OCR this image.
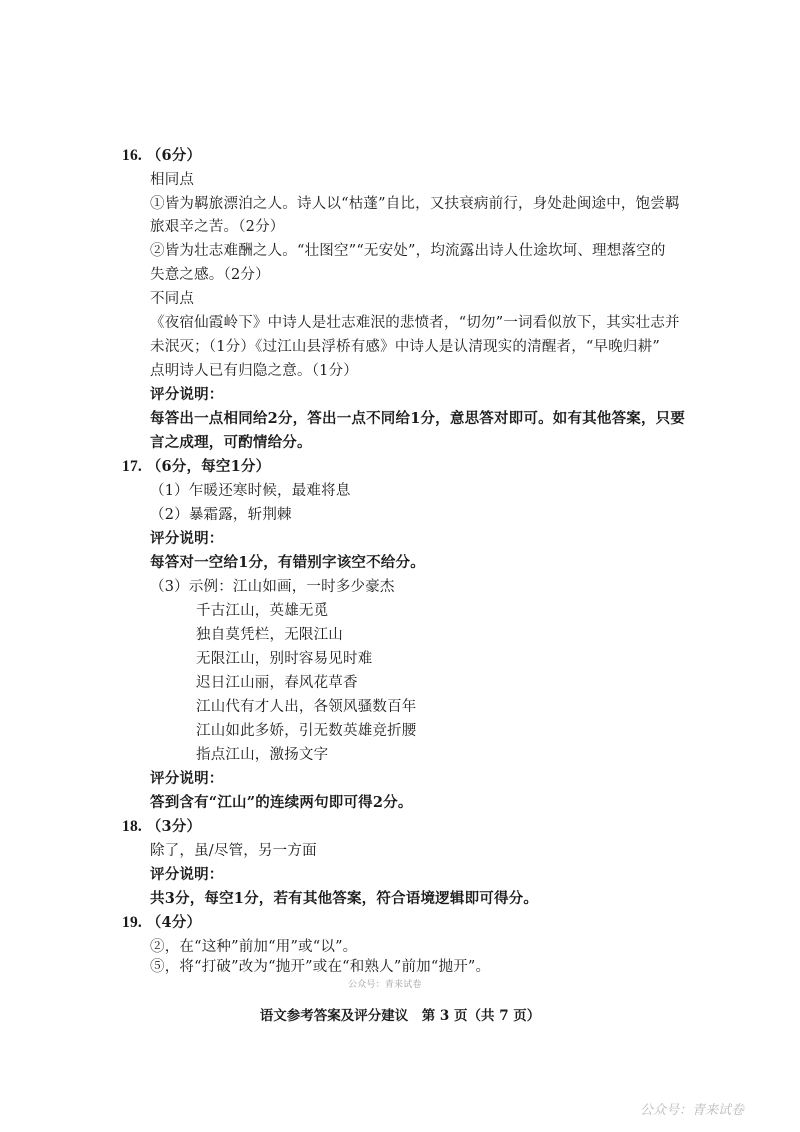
16. （6分）
相同点
①皆为羁旅漂泊之人。诗人以“枯蓬”自比，又扶衰病前行，身处赴闽途中，饱尝羁
旅艰辛之苦。（2分）
②皆为壮志难酬之人。“壮图空”“无安处”，均流露出诗人仕途坎坷、理想落空的
失意之感。（2分）
不同点
《夜宿仙霞岭下》中诗人是壮志难泯的悲愤者，“切勿”一词看似放下，其实壮志并
未泯灭；（1分）《过江山县浮桥有感》中诗人是认清现实的清醒者，“早晚归耕”
点明诗人已有归隐之意。（1分）
评分说明：
每答出一点相同给2分，答出一点不同给1分，意思答对即可。如有其他答案，只要
言之成理，可酌情给分。
17. （6分，每空1分）
（1）乍暖还寒时候，最难将息
（2）暴霜露，斩荆棘
评分说明：
每答对一空给1分，有错别字该空不给分。
（3）示例：江山如画，一时多少豪杰
千古江山，英雄无觅
独自莫凭栏，无限江山
无限江山，别时容易见时难
迟日江山丽，春风花草香
江山代有才人出，各领风骚数百年
江山如此多娇，引无数英雄竞折腰
指点江山，激扬文字
评分说明：
答到含有“江山”的连续两句即可得2分。
18. （3分）
除了，虽/尽管，另一方面
评分说明：
共3分，每空1分，若有其他答案，符合语境逻辑即可得分。
19. （4分）
②，在“这种”前加“用”或“以”。
⑤，将“打破”改为“抛开”或在“和熟人”前加“抛开”。
公众号：青来试卷
语文参考答案及评分建议　第 3 页（共 7 页）
公众号：青来试卷
